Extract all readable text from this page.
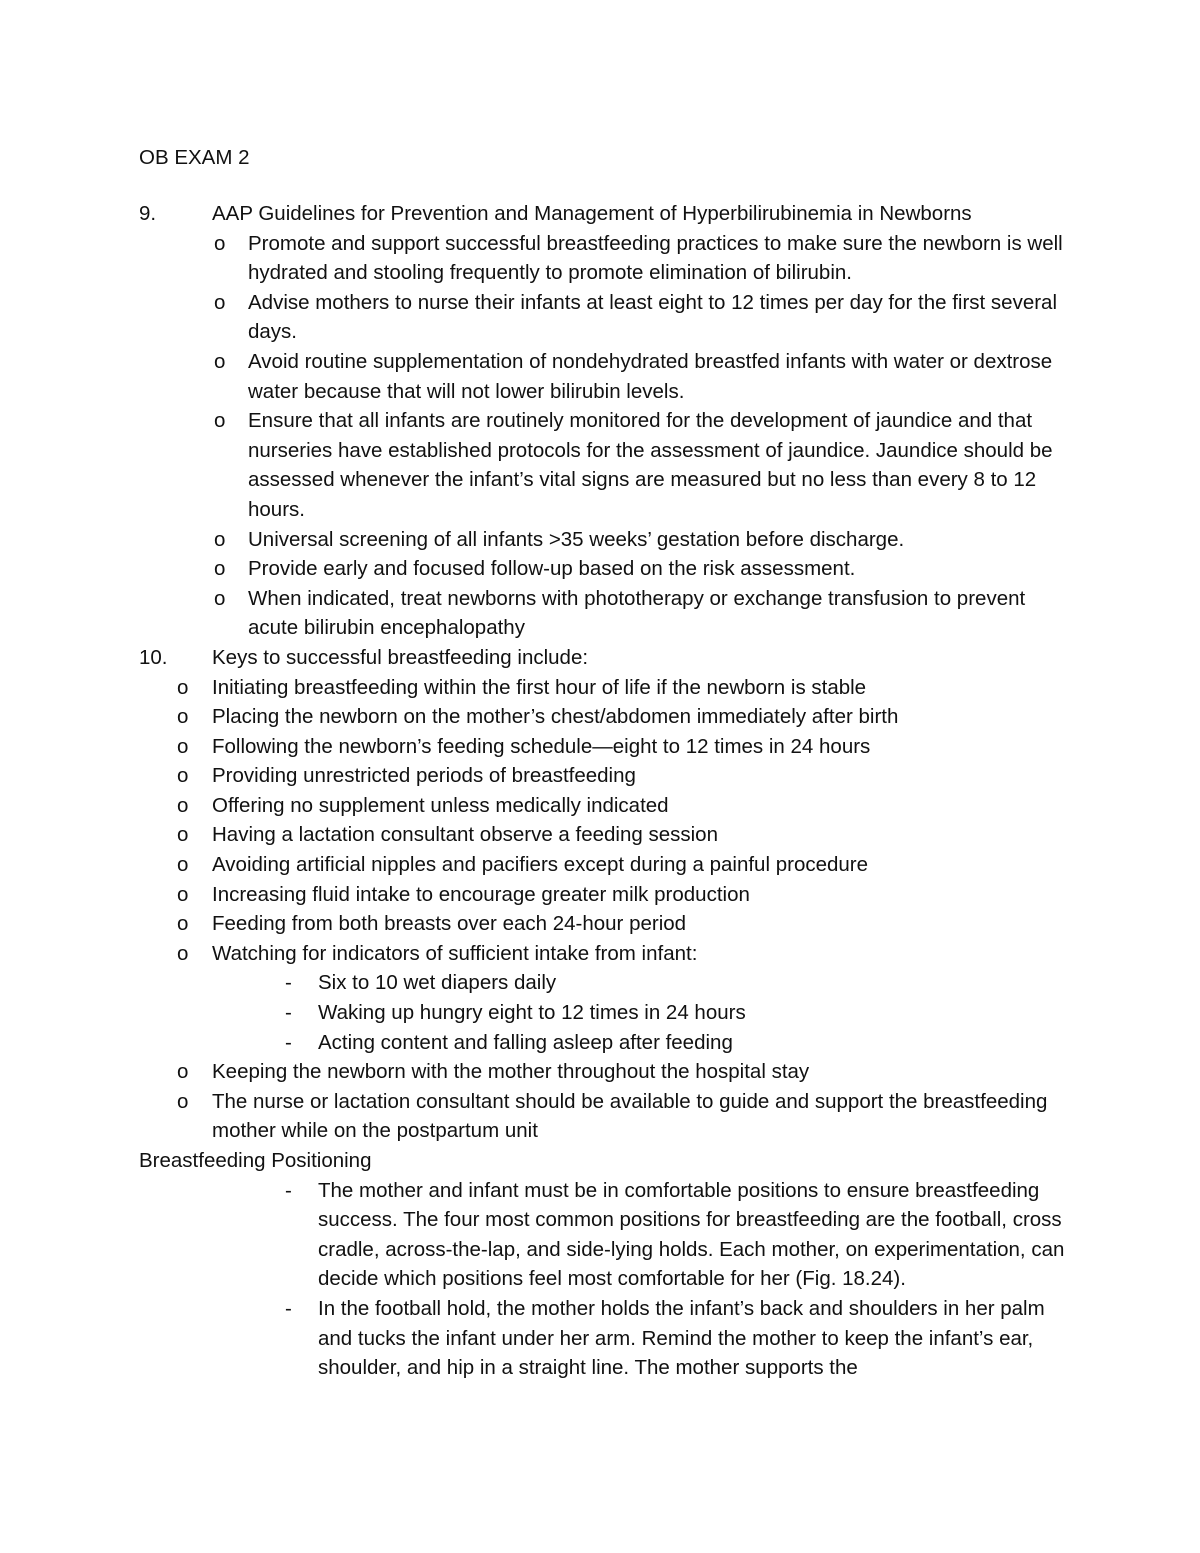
OB EXAM 2
9.	AAP Guidelines for Prevention and Management of Hyperbilirubinemia in Newborns
o Promote and support successful breastfeeding practices to make sure the newborn is well hydrated and stooling frequently to promote elimination of bilirubin.
o Advise mothers to nurse their infants at least eight to 12 times per day for the first several days.
o Avoid routine supplementation of nondehydrated breastfed infants with water or dextrose water because that will not lower bilirubin levels.
o Ensure that all infants are routinely monitored for the development of jaundice and that nurseries have established protocols for the assessment of jaundice. Jaundice should be assessed whenever the infant’s vital signs are measured but no less than every 8 to 12 hours.
o Universal screening of all infants >35 weeks’ gestation before discharge.
o Provide early and focused follow-up based on the risk assessment.
o When indicated, treat newborns with phototherapy or exchange transfusion to prevent acute bilirubin encephalopathy
10. Keys to successful breastfeeding include:
o Initiating breastfeeding within the first hour of life if the newborn is stable
o Placing the newborn on the mother’s chest/abdomen immediately after birth
o Following the newborn’s feeding schedule—eight to 12 times in 24 hours
o Providing unrestricted periods of breastfeeding
o Offering no supplement unless medically indicated
o Having a lactation consultant observe a feeding session
o Avoiding artificial nipples and pacifiers except during a painful procedure
o Increasing fluid intake to encourage greater milk production
o Feeding from both breasts over each 24-hour period
o Watching for indicators of sufficient intake from infant:
- Six to 10 wet diapers daily
- Waking up hungry eight to 12 times in 24 hours
- Acting content and falling asleep after feeding
o Keeping the newborn with the mother throughout the hospital stay
o The nurse or lactation consultant should be available to guide and support the breastfeeding mother while on the postpartum unit
Breastfeeding Positioning
- The mother and infant must be in comfortable positions to ensure breastfeeding success. The four most common positions for breastfeeding are the football, cross cradle, across-the-lap, and side-lying holds. Each mother, on experimentation, can decide which positions feel most comfortable for her (Fig. 18.24).
- In the football hold, the mother holds the infant’s back and shoulders in her palm and tucks the infant under her arm. Remind the mother to keep the infant’s ear, shoulder, and hip in a straight line. The mother supports the
